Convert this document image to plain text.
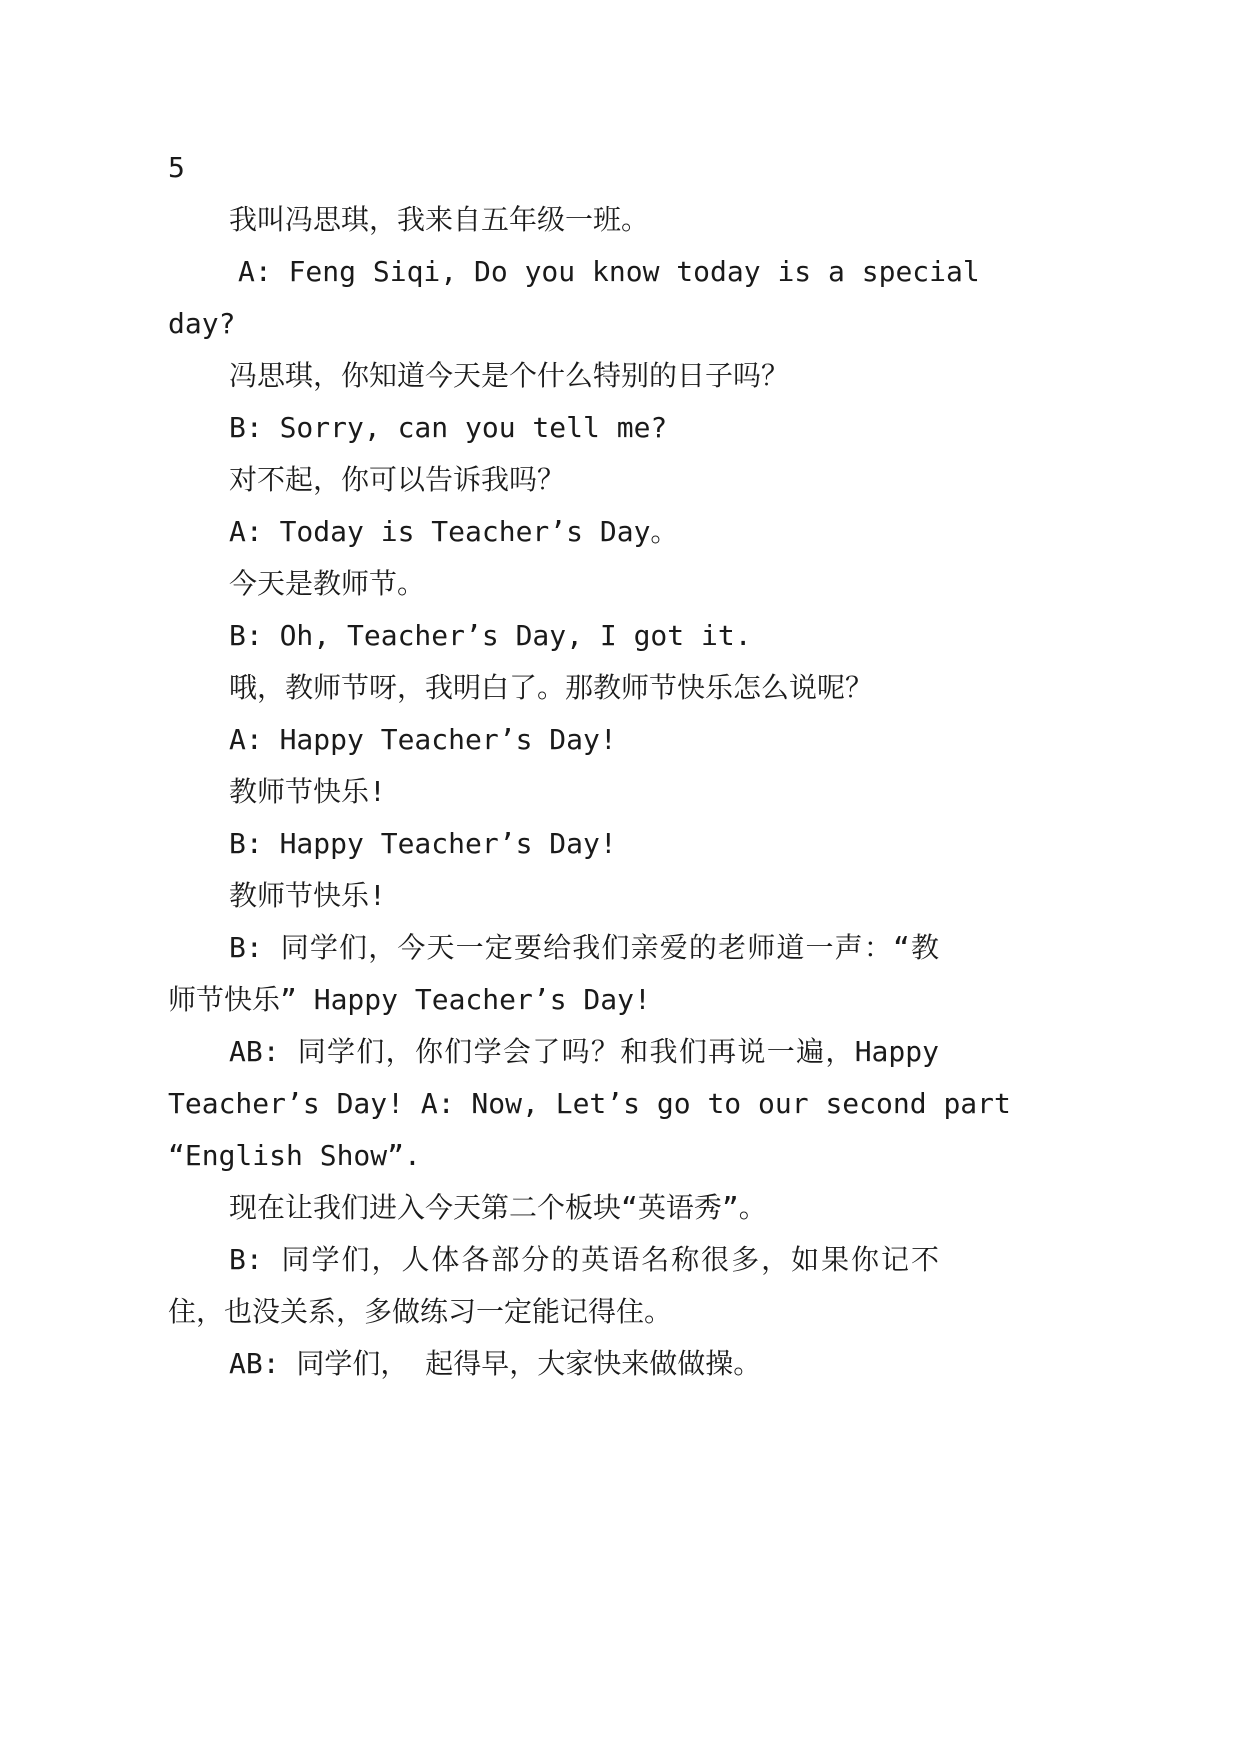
5
我叫冯思琪，我来自五年级一班。
A: Feng Siqi, Do you know today is a special
day?
冯思琪，你知道今天是个什么特别的日子吗？
B: Sorry, can you tell me?
对不起，你可以告诉我吗？
A: Today is Teacher’s Day。
今天是教师节。
B: Oh, Teacher’s Day, I got it.
哦，教师节呀，我明白了。那教师节快乐怎么说呢？
A: Happy Teacher’s Day!
教师节快乐!
B: Happy Teacher’s Day!
教师节快乐!
B: 同学们，今天一定要给我们亲爱的老师道一声：“教
师节快乐” Happy Teacher’s Day!
AB: 同学们，你们学会了吗？和我们再说一遍，Happy
Teacher’s Day! A: Now, Let’s go to our second part
“English Show”.
现在让我们进入今天第二个板块“英语秀”。
B: 同学们，人体各部分的英语名称很多，如果你记不
住，也没关系，多做练习一定能记得住。
AB: 同学们， 起得早，大家快来做做操。
